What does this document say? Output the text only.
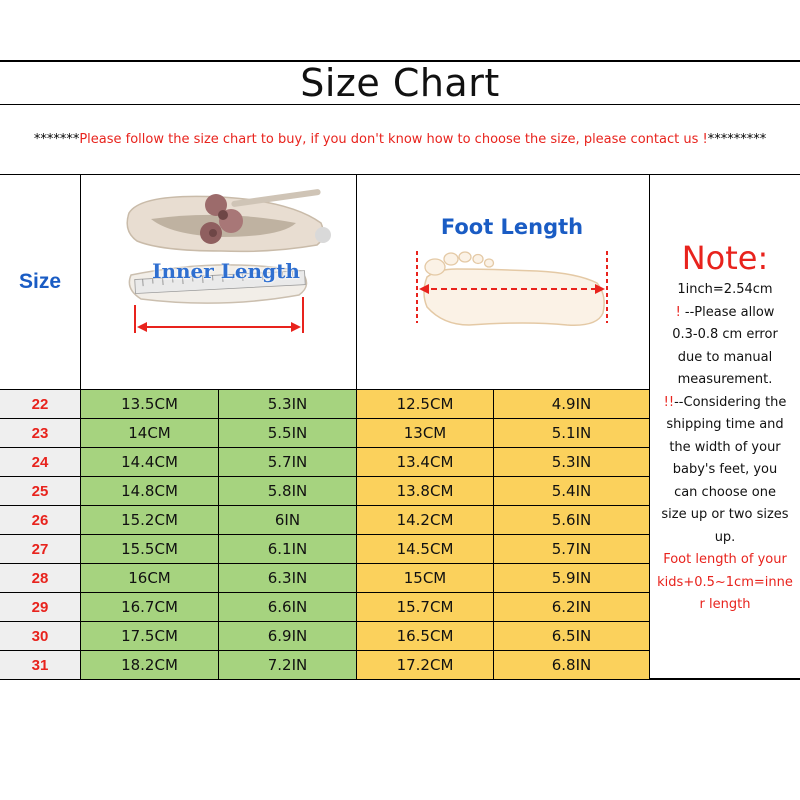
Size Chart
******* Please follow the size chart to buy, if you don't know how to choose the size, please contact us ! *********
Size	Inner Length
Foot Length
Note:
1inch=2.54cm
! --Please allow
0.3-0.8 cm error
due to manual
measurement.
!!--Considering the
shipping time and
the width of your
baby's feet, you
can choose one
size up or two sizes
up.
Foot length of your
kids+0.5~1cm=inne
r length
22	13.5CM	5.3IN	12.5CM	4.9IN
23	14CM	5.5IN	13CM	5.1IN
24	14.4CM	5.7IN	13.4CM	5.3IN
25	14.8CM	5.8IN	13.8CM	5.4IN
26	15.2CM	6IN	14.2CM	5.6IN
27	15.5CM	6.1IN	14.5CM	5.7IN
28	16CM	6.3IN	15CM	5.9IN
29	16.7CM	6.6IN	15.7CM	6.2IN
30	17.5CM	6.9IN	16.5CM	6.5IN
31	18.2CM	7.2IN	17.2CM	6.8IN
